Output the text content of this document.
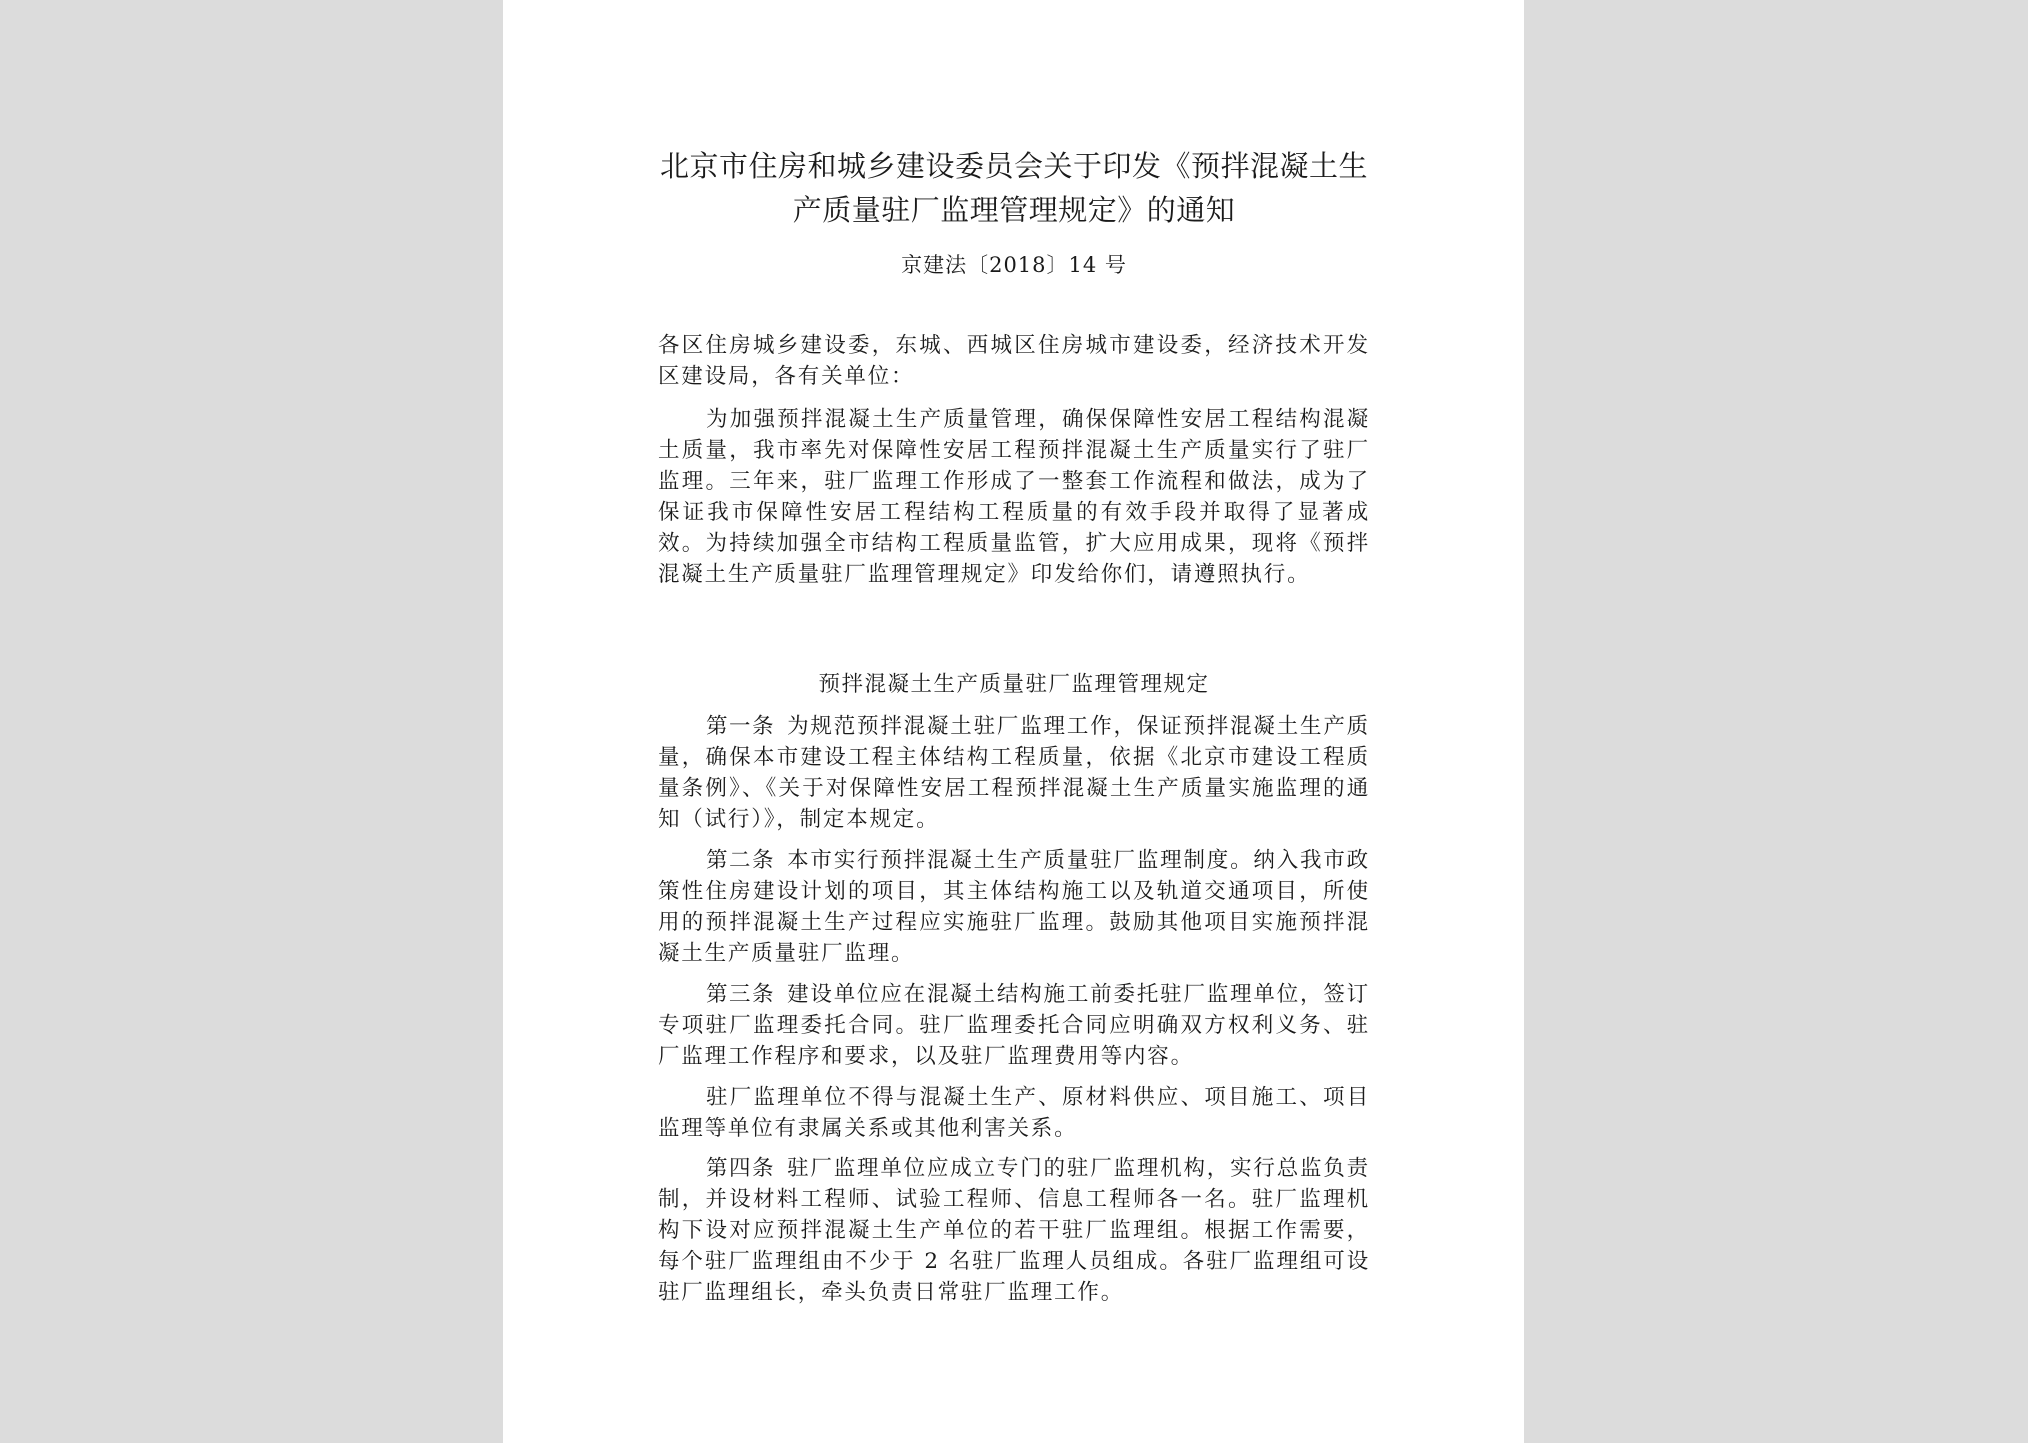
北京市住房和城乡建设委员会关于印发《预拌混凝土生产质量驻厂监理管理规定》的通知
京建法〔2018〕14 号

各区住房城乡建设委，东城、西城区住房城市建设委，经济技术开发区建设局，各有关单位：

为加强预拌混凝土生产质量管理，确保保障性安居工程结构混凝土质量，我市率先对保障性安居工程预拌混凝土生产质量实行了驻厂监理。三年来，驻厂监理工作形成了一整套工作流程和做法，成为了保证我市保障性安居工程结构工程质量的有效手段并取得了显著成效。为持续加强全市结构工程质量监管，扩大应用成果，现将《预拌混凝土生产质量驻厂监理管理规定》印发给你们，请遵照执行。

预拌混凝土生产质量驻厂监理管理规定

第一条 为规范预拌混凝土驻厂监理工作，保证预拌混凝土生产质量，确保本市建设工程主体结构工程质量，依据《北京市建设工程质量条例》、《关于对保障性安居工程预拌混凝土生产质量实施监理的通知（试行）》，制定本规定。

第二条 本市实行预拌混凝土生产质量驻厂监理制度。纳入我市政策性住房建设计划的项目，其主体结构施工以及轨道交通项目，所使用的预拌混凝土生产过程应实施驻厂监理。鼓励其他项目实施预拌混凝土生产质量驻厂监理。

第三条 建设单位应在混凝土结构施工前委托驻厂监理单位，签订专项驻厂监理委托合同。驻厂监理委托合同应明确双方权利义务、驻厂监理工作程序和要求，以及驻厂监理费用等内容。

驻厂监理单位不得与混凝土生产、原材料供应、项目施工、项目监理等单位有隶属关系或其他利害关系。

第四条 驻厂监理单位应成立专门的驻厂监理机构，实行总监负责制，并设材料工程师、试验工程师、信息工程师各一名。驻厂监理机构下设对应预拌混凝土生产单位的若干驻厂监理组。根据工作需要，每个驻厂监理组由不少于 2 名驻厂监理人员组成。各驻厂监理组可设驻厂监理组长，牵头负责日常驻厂监理工作。
